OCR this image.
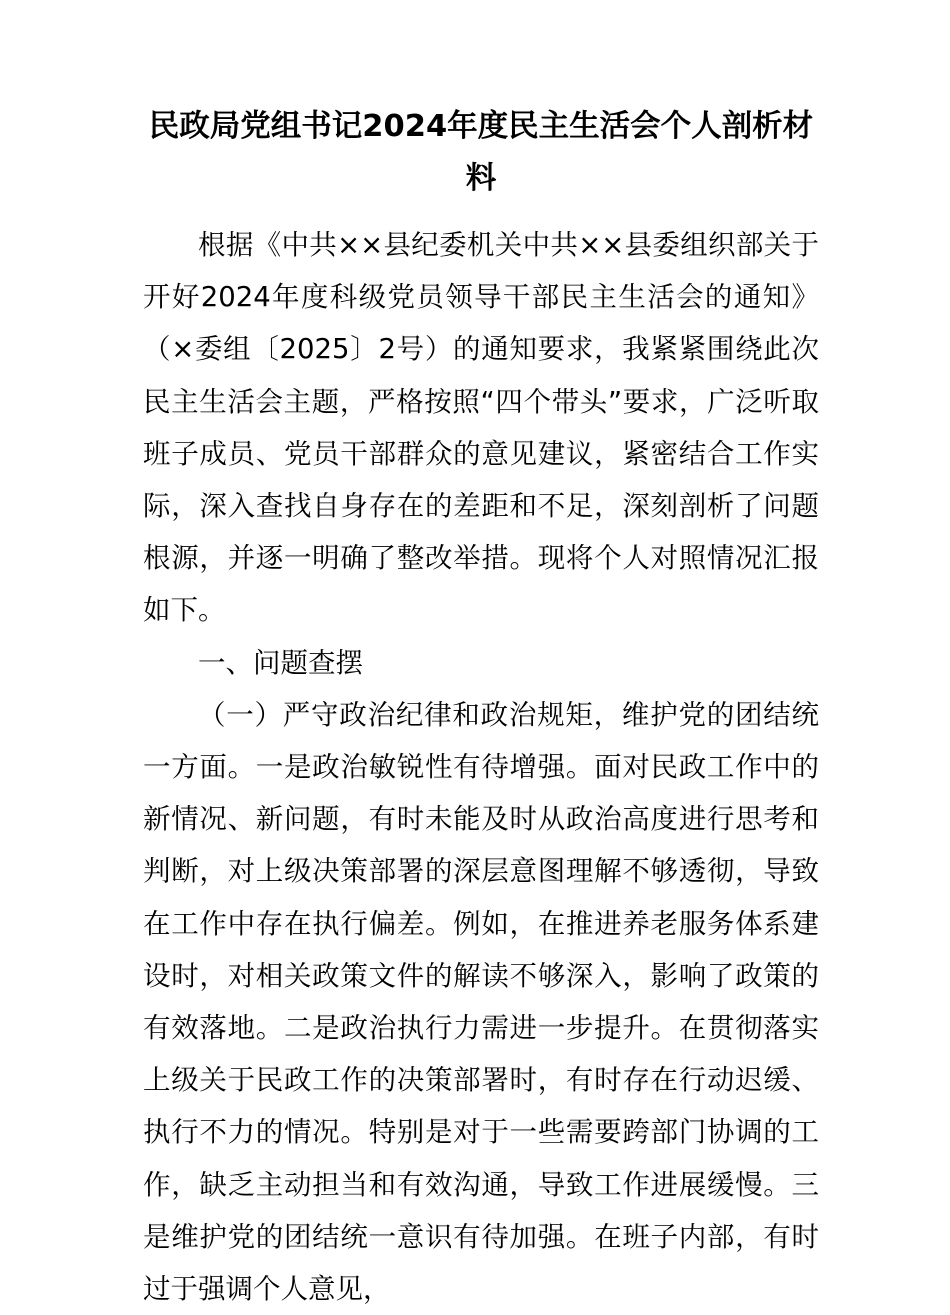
民政局党组书记2024年度民主生活会个人剖析材料

根据《中共××县纪委机关中共××县委组织部关于开好2024年度科级党员领导干部民主生活会的通知》（×委组〔2025〕2号）的通知要求，我紧紧围绕此次民主生活会主题，严格按照“四个带头”要求，广泛听取班子成员、党员干部群众的意见建议，紧密结合工作实际，深入查找自身存在的差距和不足，深刻剖析了问题根源，并逐一明确了整改举措。现将个人对照情况汇报如下。

一、问题查摆

（一）严守政治纪律和政治规矩，维护党的团结统一方面。一是政治敏锐性有待增强。面对民政工作中的新情况、新问题，有时未能及时从政治高度进行思考和判断，对上级决策部署的深层意图理解不够透彻，导致在工作中存在执行偏差。例如，在推进养老服务体系建设时，对相关政策文件的解读不够深入，影响了政策的有效落地。二是政治执行力需进一步提升。在贯彻落实上级关于民政工作的决策部署时，有时存在行动迟缓、执行不力的情况。特别是对于一些需要跨部门协调的工作，缺乏主动担当和有效沟通，导致工作进展缓慢。三是维护党的团结统一意识有待加强。在班子内部，有时过于强调个人意见，
